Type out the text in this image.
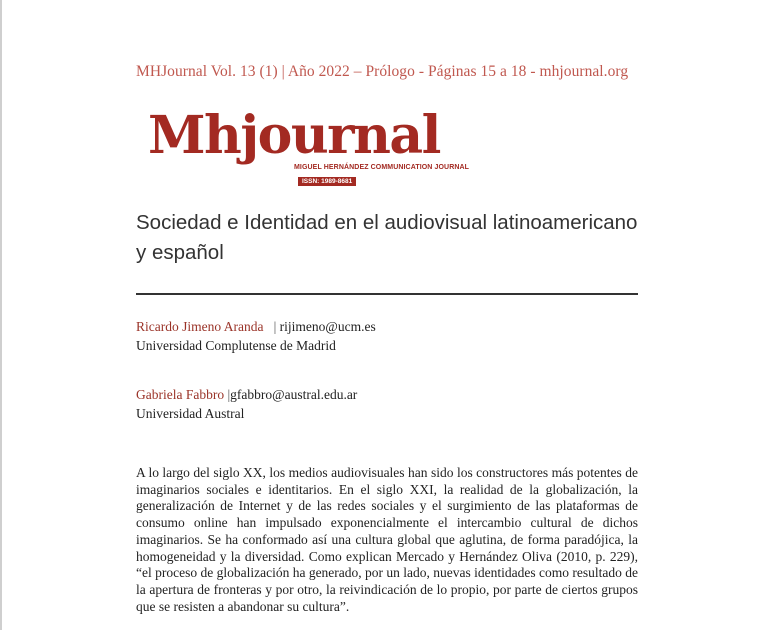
MHJournal Vol. 13 (1) | Año 2022 – Prólogo - Páginas 15 a 18 - mhjournal.org
Mhjournal
MIGUEL HERNÁNDEZ COMMUNICATION JOURNAL
ISSN: 1989-8681
Sociedad e Identidad en el audiovisual latinoamericano y español
Ricardo Jimeno Aranda | rijimeno@ucm.es
Universidad Complutense de Madrid
Gabriela Fabbro |gfabbro@austral.edu.ar
Universidad Austral
A lo largo del siglo XX, los medios audiovisuales han sido los constructores más potentes de imaginarios sociales e identitarios. En el siglo XXI, la realidad de la globalización, la generalización de Internet y de las redes sociales y el surgimiento de las plataformas de consumo online han impulsado exponencialmente el intercambio cultural de dichos imaginarios. Se ha conformado así una cultura global que aglutina, de forma paradójica, la homogeneidad y la diversidad. Como explican Mercado y Hernández Oliva (2010, p. 229), “el proceso de globalización ha generado, por un lado, nuevas identidades como resultado de la apertura de fronteras y por otro, la reivindicación de lo propio, por parte de ciertos grupos que se resisten a abandonar su cultura”.
